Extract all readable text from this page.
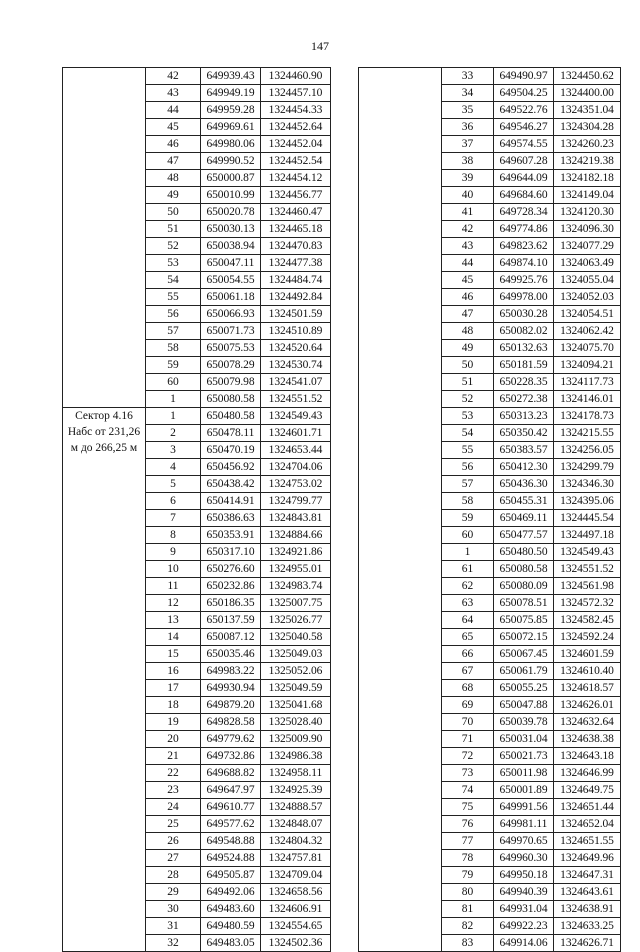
147
	42	649939.43	1324460.90
	43	649949.19	1324457.10
	44	649959.28	1324454.33
	45	649969.61	1324452.64
	46	649980.06	1324452.04
	47	649990.52	1324452.54
	48	650000.87	1324454.12
	49	650010.99	1324456.77
	50	650020.78	1324460.47
	51	650030.13	1324465.18
	52	650038.94	1324470.83
	53	650047.11	1324477.38
	54	650054.55	1324484.74
	55	650061.18	1324492.84
	56	650066.93	1324501.59
	57	650071.73	1324510.89
	58	650075.53	1324520.64
	59	650078.29	1324530.74
	60	650079.98	1324541.07
	1	650080.58	1324551.52
Сектор 4.16 Набс от 231,26 м до 266,25 м	1	650480.58	1324549.43
	2	650478.11	1324601.71
	3	650470.19	1324653.44
	4	650456.92	1324704.06
	5	650438.42	1324753.02
	6	650414.91	1324799.77
	7	650386.63	1324843.81
	8	650353.91	1324884.66
	9	650317.10	1324921.86
	10	650276.60	1324955.01
	11	650232.86	1324983.74
	12	650186.35	1325007.75
	13	650137.59	1325026.77
	14	650087.12	1325040.58
	15	650035.46	1325049.03
	16	649983.22	1325052.06
	17	649930.94	1325049.59
	18	649879.20	1325041.68
	19	649828.58	1325028.40
	20	649779.62	1325009.90
	21	649732.86	1324986.38
	22	649688.82	1324958.11
	23	649647.97	1324925.39
	24	649610.77	1324888.57
	25	649577.62	1324848.07
	26	649548.88	1324804.32
	27	649524.88	1324757.81
	28	649505.87	1324709.04
	29	649492.06	1324658.56
	30	649483.60	1324606.91
	31	649480.59	1324554.65
	32	649483.05	1324502.36
	33	649490.97	1324450.62
	34	649504.25	1324400.00
	35	649522.76	1324351.04
	36	649546.27	1324304.28
	37	649574.55	1324260.23
	38	649607.28	1324219.38
	39	649644.09	1324182.18
	40	649684.60	1324149.04
	41	649728.34	1324120.30
	42	649774.86	1324096.30
	43	649823.62	1324077.29
	44	649874.10	1324063.49
	45	649925.76	1324055.04
	46	649978.00	1324052.03
	47	650030.28	1324054.51
	48	650082.02	1324062.42
	49	650132.63	1324075.70
	50	650181.59	1324094.21
	51	650228.35	1324117.73
	52	650272.38	1324146.01
	53	650313.23	1324178.73
	54	650350.42	1324215.55
	55	650383.57	1324256.05
	56	650412.30	1324299.79
	57	650436.30	1324346.30
	58	650455.31	1324395.06
	59	650469.11	1324445.54
	60	650477.57	1324497.18
	1	650480.50	1324549.43
	61	650080.58	1324551.52
	62	650080.09	1324561.98
	63	650078.51	1324572.32
	64	650075.85	1324582.45
	65	650072.15	1324592.24
	66	650067.45	1324601.59
	67	650061.79	1324610.40
	68	650055.25	1324618.57
	69	650047.88	1324626.01
	70	650039.78	1324632.64
	71	650031.04	1324638.38
	72	650021.73	1324643.18
	73	650011.98	1324646.99
	74	650001.89	1324649.75
	75	649991.56	1324651.44
	76	649981.11	1324652.04
	77	649970.65	1324651.55
	78	649960.30	1324649.96
	79	649950.18	1324647.31
	80	649940.39	1324643.61
	81	649931.04	1324638.91
	82	649922.23	1324633.25
	83	649914.06	1324626.71
